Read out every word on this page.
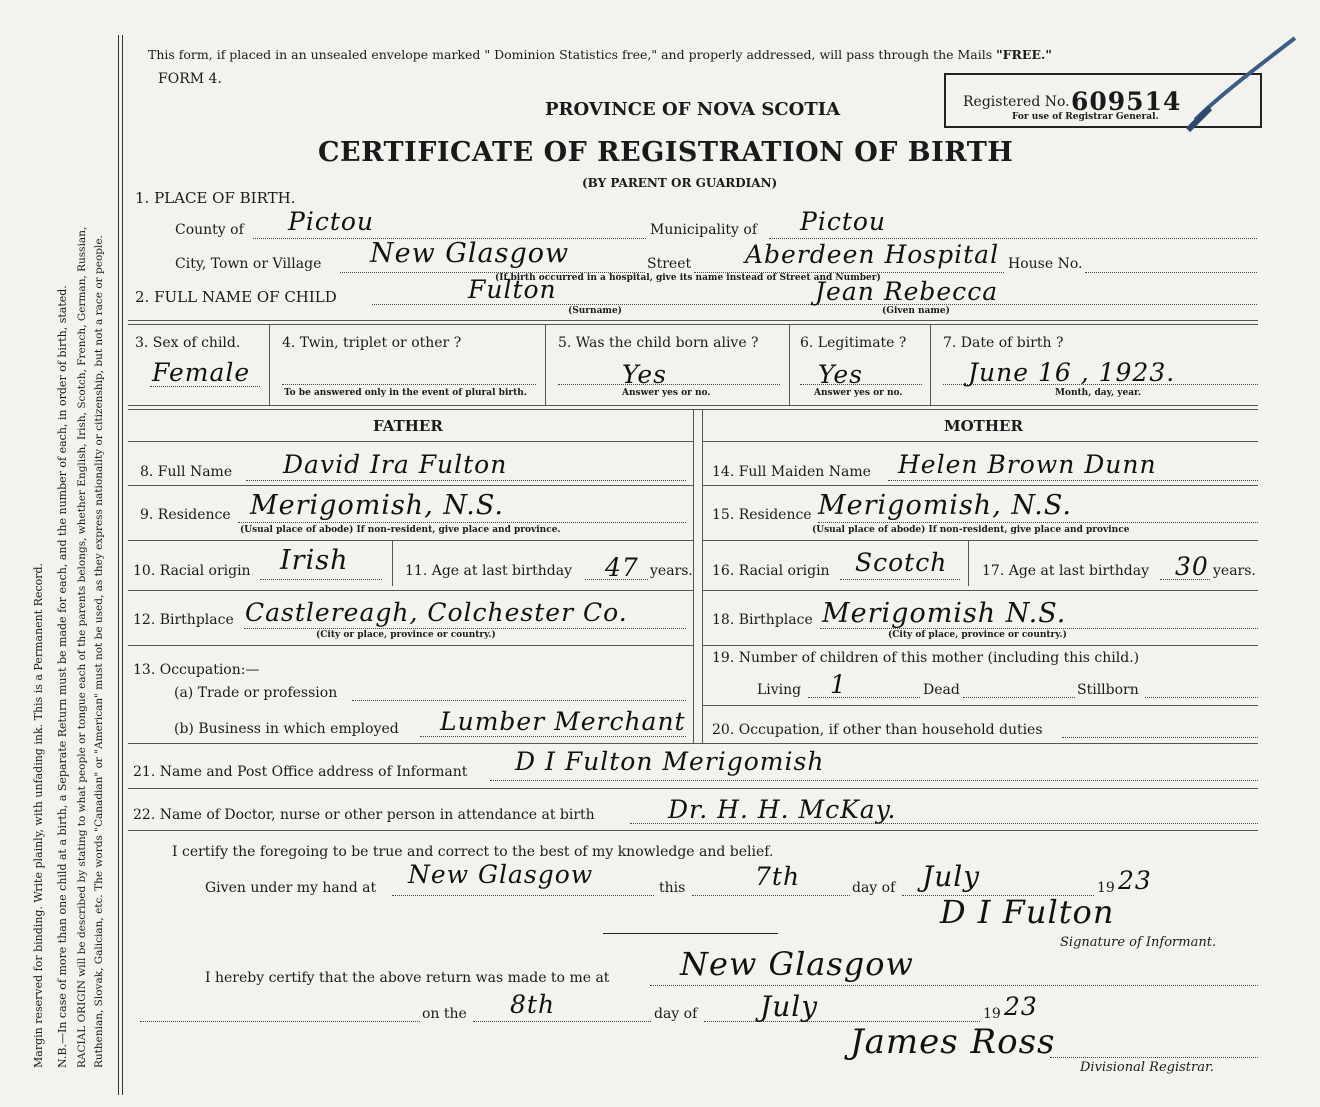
Margin reserved for binding. Write plainly, with unfading ink. This is a Permanent Record. N.B.—In case of more than one child at a birth, a Separate Return must be made for each, and the number of each, in order of birth, stated. RACIAL ORIGIN will be described by stating to what people or tongue each of the parents belongs, whether English, Irish, Scotch, French, German, Russian, Ruthenian, Slovak, Galician, etc. The words "Canadian" or "American" must not be used, as they express nationality or citizenship, but not a race or people.
This form, if placed in an unsealed envelope marked " Dominion Statistics free," and properly addressed, will pass through the Mails "FREE."
FORM 4.
PROVINCE OF NOVA SCOTIA
CERTIFICATE OF REGISTRATION OF BIRTH
(BY PARENT OR GUARDIAN)
Registered No. 609514
For use of Registrar General.
1. PLACE OF BIRTH.
County of Pictou	Municipality of Pictou
City, Town or Village New Glasgow	Street Aberdeen Hospital House No.
(If birth occurred in a hospital, give its name instead of Street and Number)
2. FULL NAME OF CHILD	Fulton
(Surname)
Jean Rebecca
(Given name)
3. Sex of child.
Female
4. Twin, triplet or other ?
To be answered only in the event of plural birth.
5. Was the child born alive ?
Yes
Answer yes or no.
6. Legitimate ?
Yes
Answer yes or no.
7. Date of birth ?
June 16 , 1923.
Month, day, year.
FATHER	MOTHER
8. Full Name David Ira Fulton
9. Residence Merigomish, N.S.
(Usual place of abode) If non-resident, give place and province.
10. Racial origin Irish	11. Age at last birthday 47 years.
12. Birthplace Castlereagh, Colchester Co.
(City or place, province or country.)
13. Occupation:—
(a) Trade or profession
(b) Business in which employed Lumber Merchant
14. Full Maiden Name Helen Brown Dunn
15. Residence Merigomish, N.S.
(Usual place of abode) If non-resident, give place and province
16. Racial origin Scotch 17. Age at last birthday 30 years.
18. Birthplace Merigomish N.S.
(City of place, province or country.)
19. Number of children of this mother (including this child.)
Living 1	Dead	Stillborn
20. Occupation, if other than household duties
21. Name and Post Office address of Informant D I Fulton Merigomish
22. Name of Doctor, nurse or other person in attendance at birth	Dr. H. H. McKay.
I certify the foregoing to be true and correct to the best of my knowledge and belief.
Given under my hand at New Glasgow	this	7th	day of July	19 23
D I Fulton
Signature of Informant.
I hereby certify that the above return was made to me at New Glasgow
on the 8th	day of July	19 23
James Ross
Divisional Registrar.
